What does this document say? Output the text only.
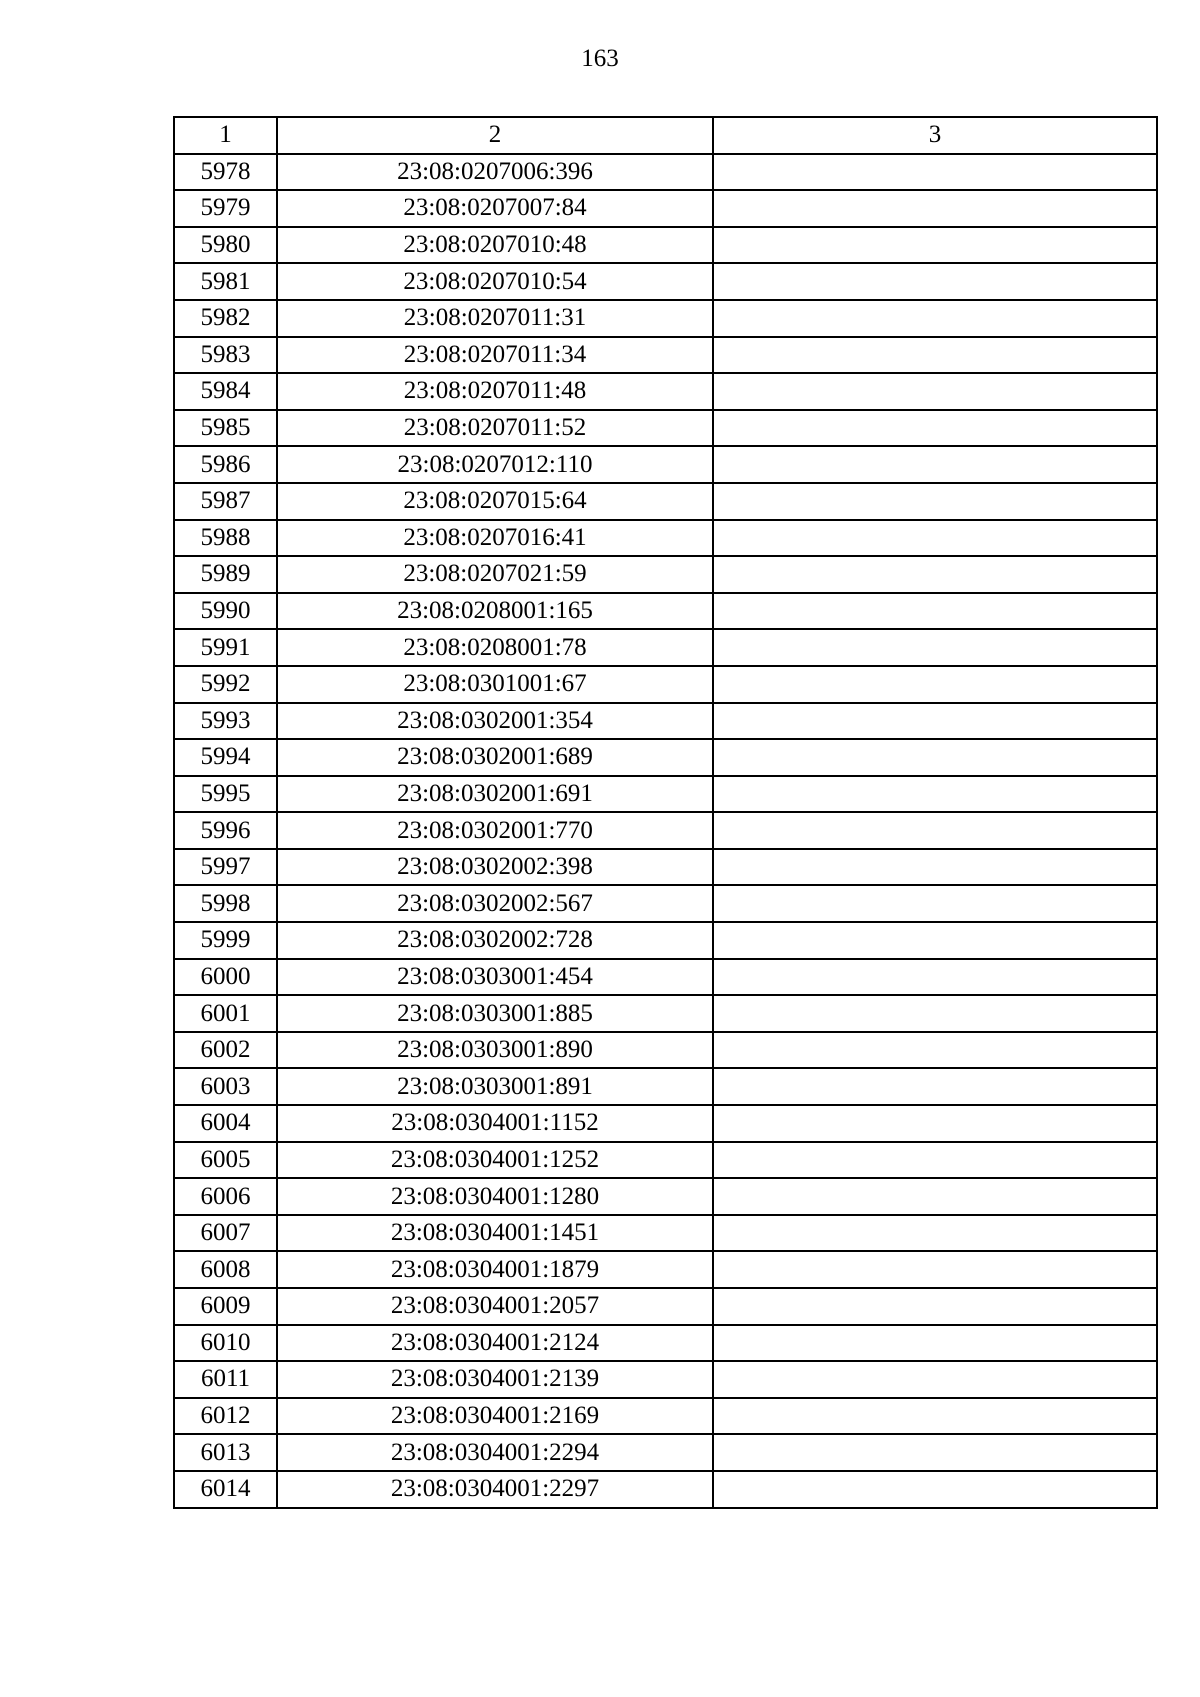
163
1	2	3
5978	23:08:0207006:396	
5979	23:08:0207007:84	
5980	23:08:0207010:48	
5981	23:08:0207010:54	
5982	23:08:0207011:31	
5983	23:08:0207011:34	
5984	23:08:0207011:48	
5985	23:08:0207011:52	
5986	23:08:0207012:110	
5987	23:08:0207015:64	
5988	23:08:0207016:41	
5989	23:08:0207021:59	
5990	23:08:0208001:165	
5991	23:08:0208001:78	
5992	23:08:0301001:67	
5993	23:08:0302001:354	
5994	23:08:0302001:689	
5995	23:08:0302001:691	
5996	23:08:0302001:770	
5997	23:08:0302002:398	
5998	23:08:0302002:567	
5999	23:08:0302002:728	
6000	23:08:0303001:454	
6001	23:08:0303001:885	
6002	23:08:0303001:890	
6003	23:08:0303001:891	
6004	23:08:0304001:1152	
6005	23:08:0304001:1252	
6006	23:08:0304001:1280	
6007	23:08:0304001:1451	
6008	23:08:0304001:1879	
6009	23:08:0304001:2057	
6010	23:08:0304001:2124	
6011	23:08:0304001:2139	
6012	23:08:0304001:2169	
6013	23:08:0304001:2294	
6014	23:08:0304001:2297	
